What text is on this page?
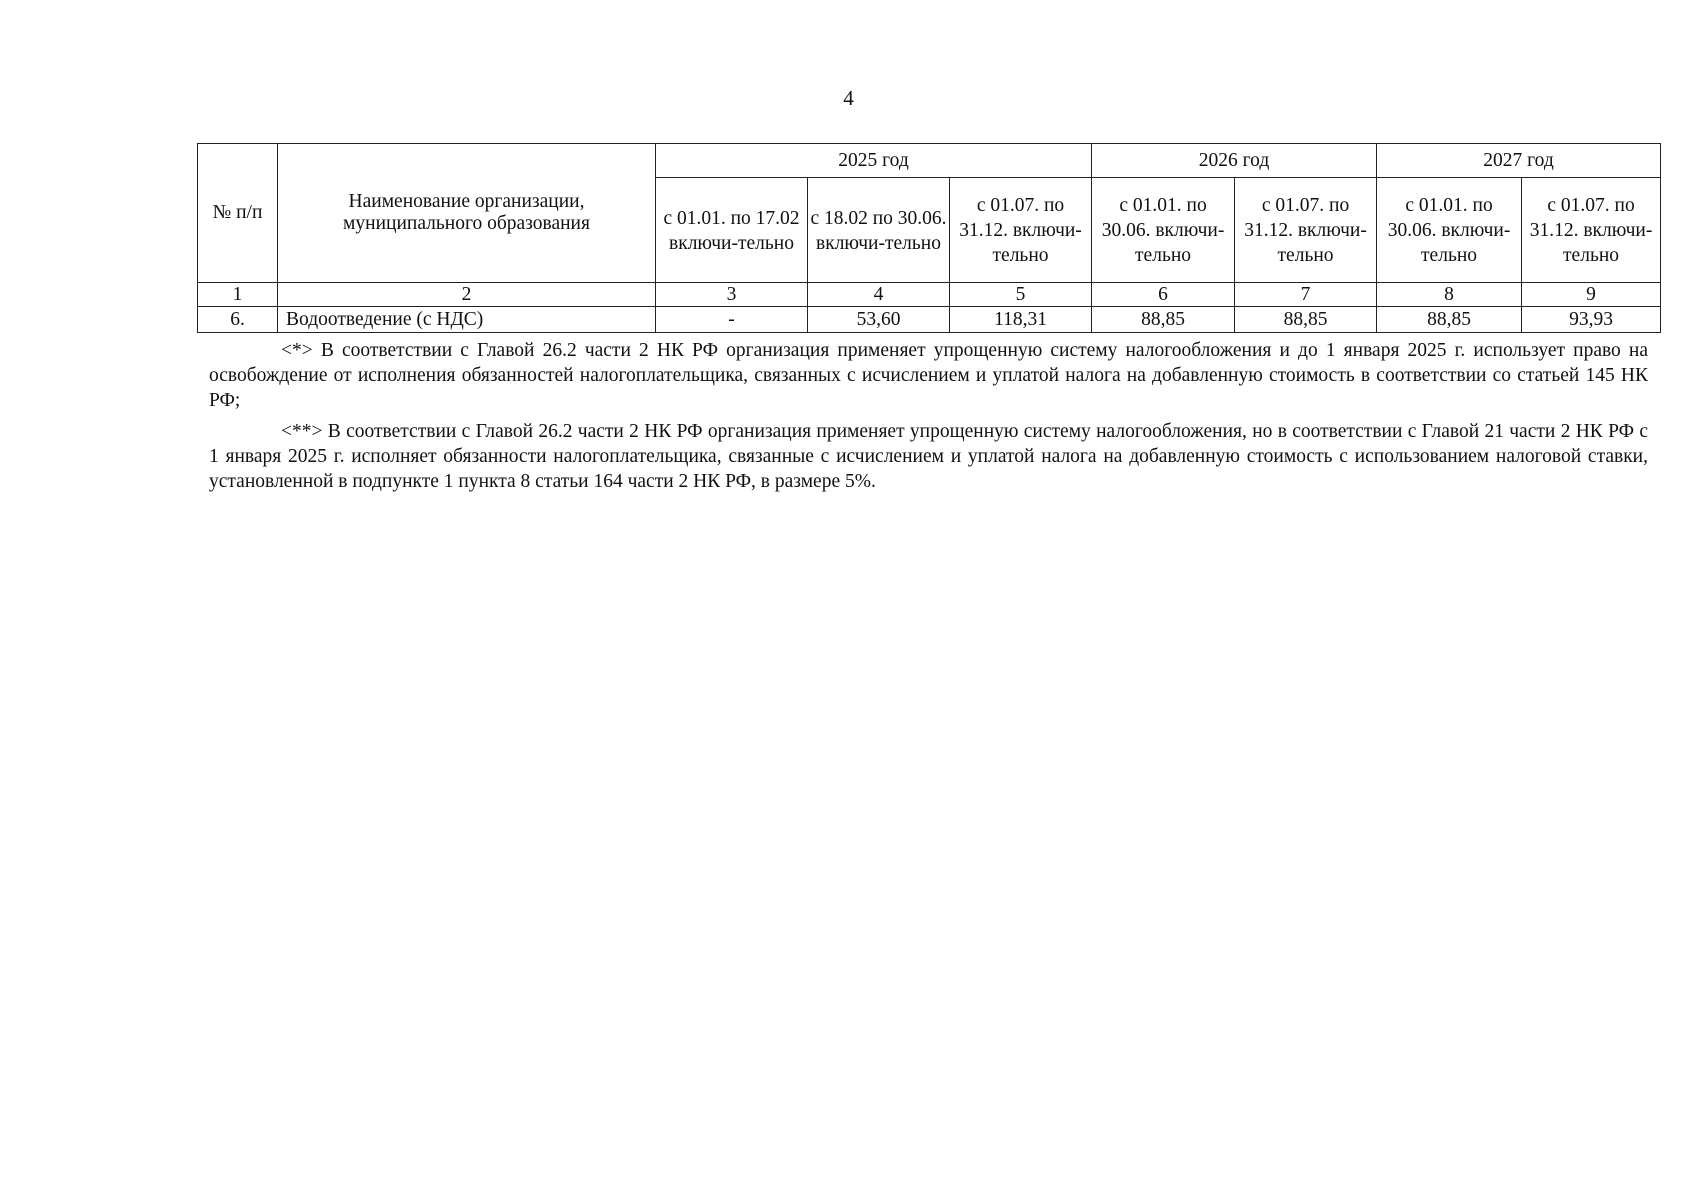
4
№ п/п	Наименование организации, муниципального образования	2025 год			2026 год		2027 год	
		с 01.01. по 17.02 включи-тельно	с 18.02 по 30.06. включи-тельно	с 01.07. по 31.12. включи-тельно	с 01.01. по 30.06. включи-тельно	с 01.07. по 31.12. включи-тельно	с 01.01. по 30.06. включи-тельно	с 01.07. по 31.12. включи-тельно
1	2	3	4	5	6	7	8	9
6.	Водоотведение (с НДС)	-	53,60	118,31	88,85	88,85	88,85	93,93

<*> В соответствии с Главой 26.2 части 2 НК РФ организация применяет упрощенную систему налогообложения и до 1 января 2025 г. использует право на освобождение от исполнения обязанностей налогоплательщика, связанных с исчислением и уплатой налога на добавленную стоимость в соответствии со статьей 145 НК РФ;

<**> В соответствии с Главой 26.2 части 2 НК РФ организация применяет упрощенную систему налогообложения, но в соответствии с Главой 21 части 2 НК РФ с 1 января 2025 г. исполняет обязанности налогоплательщика, связанные с исчислением и уплатой налога на добавленную стоимость с использованием налоговой ставки, установленной в подпункте 1 пункта 8 статьи 164 части 2 НК РФ, в размере 5%.
